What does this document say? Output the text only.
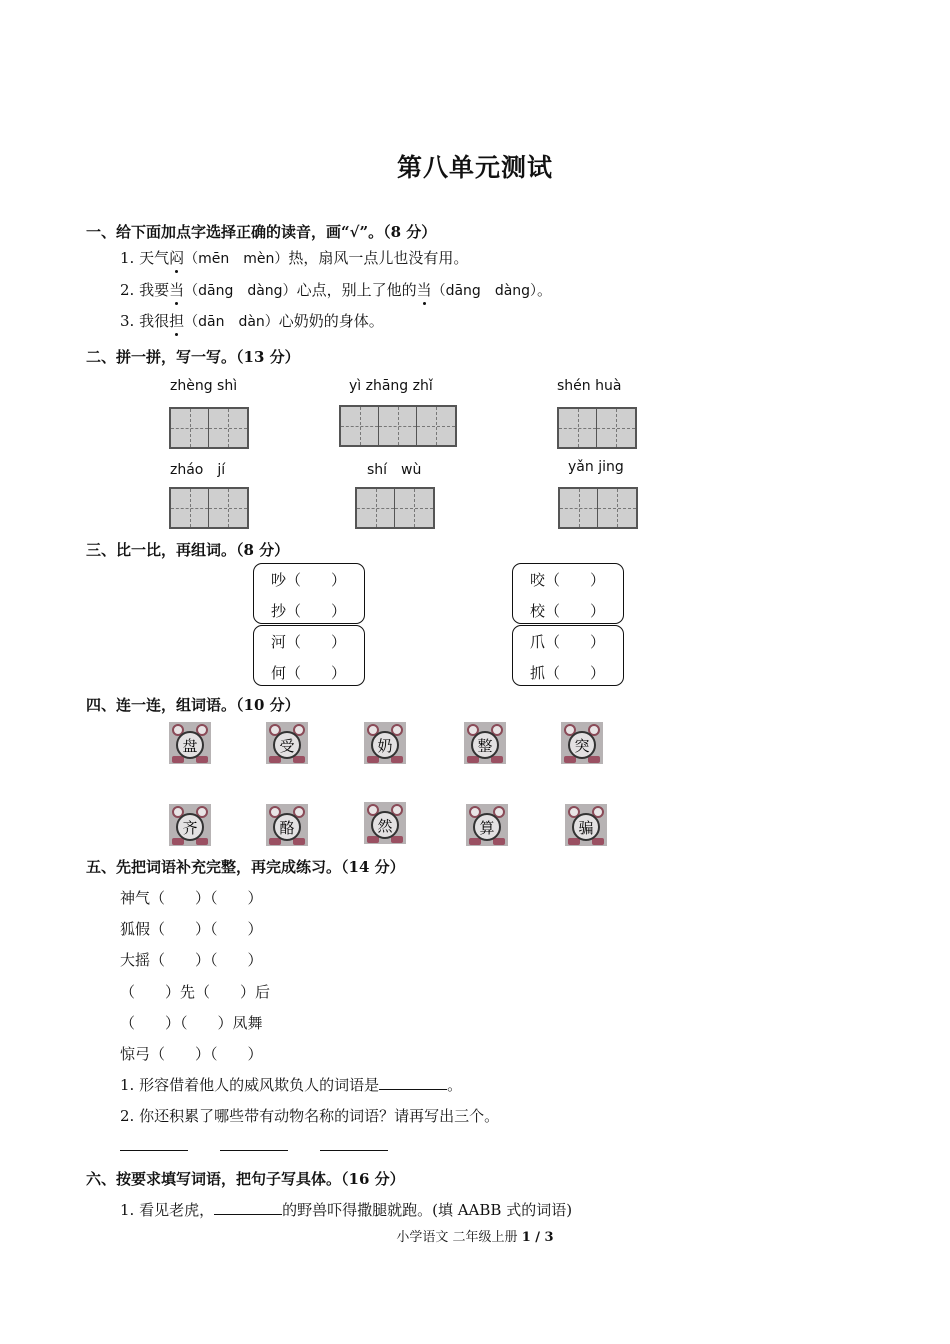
第八单元测试
一、给下面加点字选择正确的读音，画“√”。（8 分）
1. 天气闷（mēn　mèn）热，扇风一点儿也没有用。
2. 我要当（dāng　dàng）心点，别上了他的当（dāng　dàng）。
3. 我很担（dān　dàn）心奶奶的身体。
二、拼一拼，写一写。（13 分）
zhèng shì	yì zhāng zhǐ	shén huà
zháo　jí	shí　wù	yǎn jing
三、比一比，再组词。（8 分）
吵（　　）
抄（　　）
咬（　　）
校（　　）
河（　　）
何（　　）
爪（　　）
抓（　　）
四、连一连，组词语。（10 分）
盘	受	奶	整	突
齐	酪	然	算	骗
五、先把词语补充完整，再完成练习。（14 分）
神气（　　）（　　）
狐假（　　）（　　）
大摇（　　）（　　）
（　　）先（　　）后
（　　）（　　）凤舞
惊弓（　　）（　　）
1. 形容借着他人的威风欺负人的词语是	。
2. 你还积累了哪些带有动物名称的词语？请再写出三个。
六、按要求填写词语，把句子写具体。（16 分）
1. 看见老虎，	的野兽吓得撒腿就跑。(填 AABB 式的词语)
小学语文 二年级上册 1 / 3
